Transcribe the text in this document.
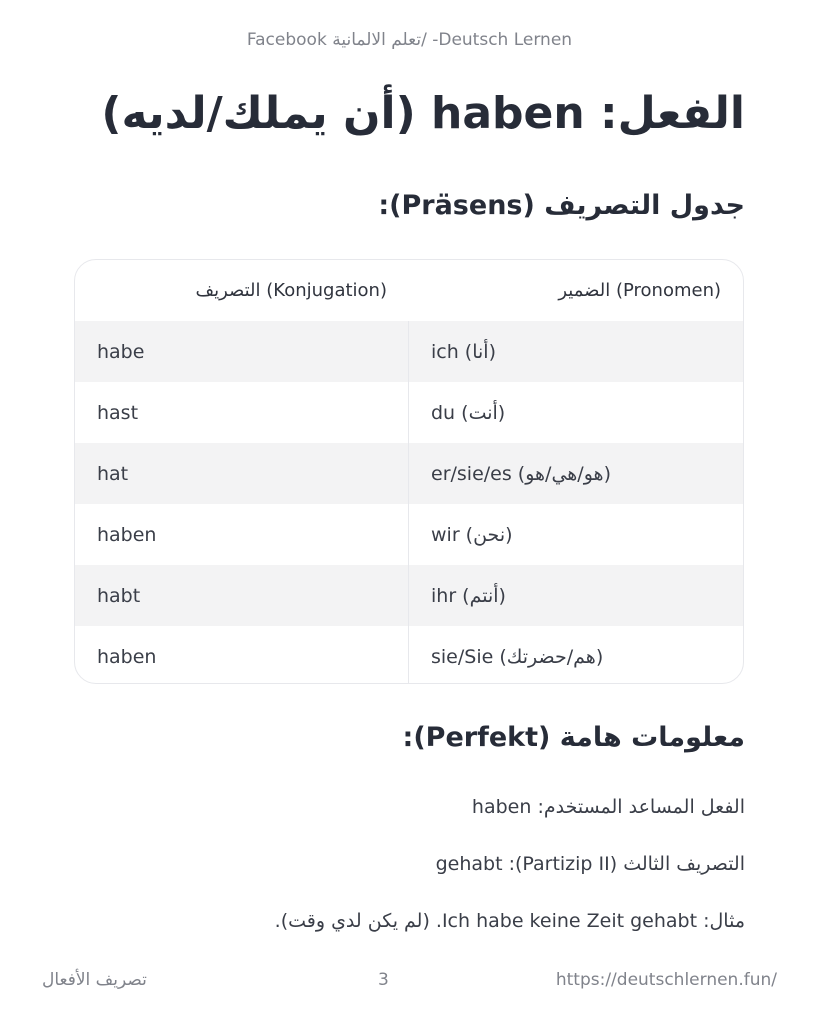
Facebook تعلم الالمانية/ -Deutsch Lernen
الفعل: haben (أن يملك/لديه)
جدول التصريف (Präsens):
التصريف (Konjugation)	الضمير (Pronomen)
habe	ich (أنا)
hast	du (أنت)
hat	er/sie/es (هو/هي/هو)
haben	wir (نحن)
habt	ihr (أنتم)
haben	sie/Sie (هم/حضرتك)
معلومات هامة (Perfekt):
الفعل المساعد المستخدم: haben
التصريف الثالث (Partizip II): gehabt
مثال: Ich habe keine Zeit gehabt. (لم يكن لدي وقت).
تصريف الأفعال	3	https://deutschlernen.fun/
